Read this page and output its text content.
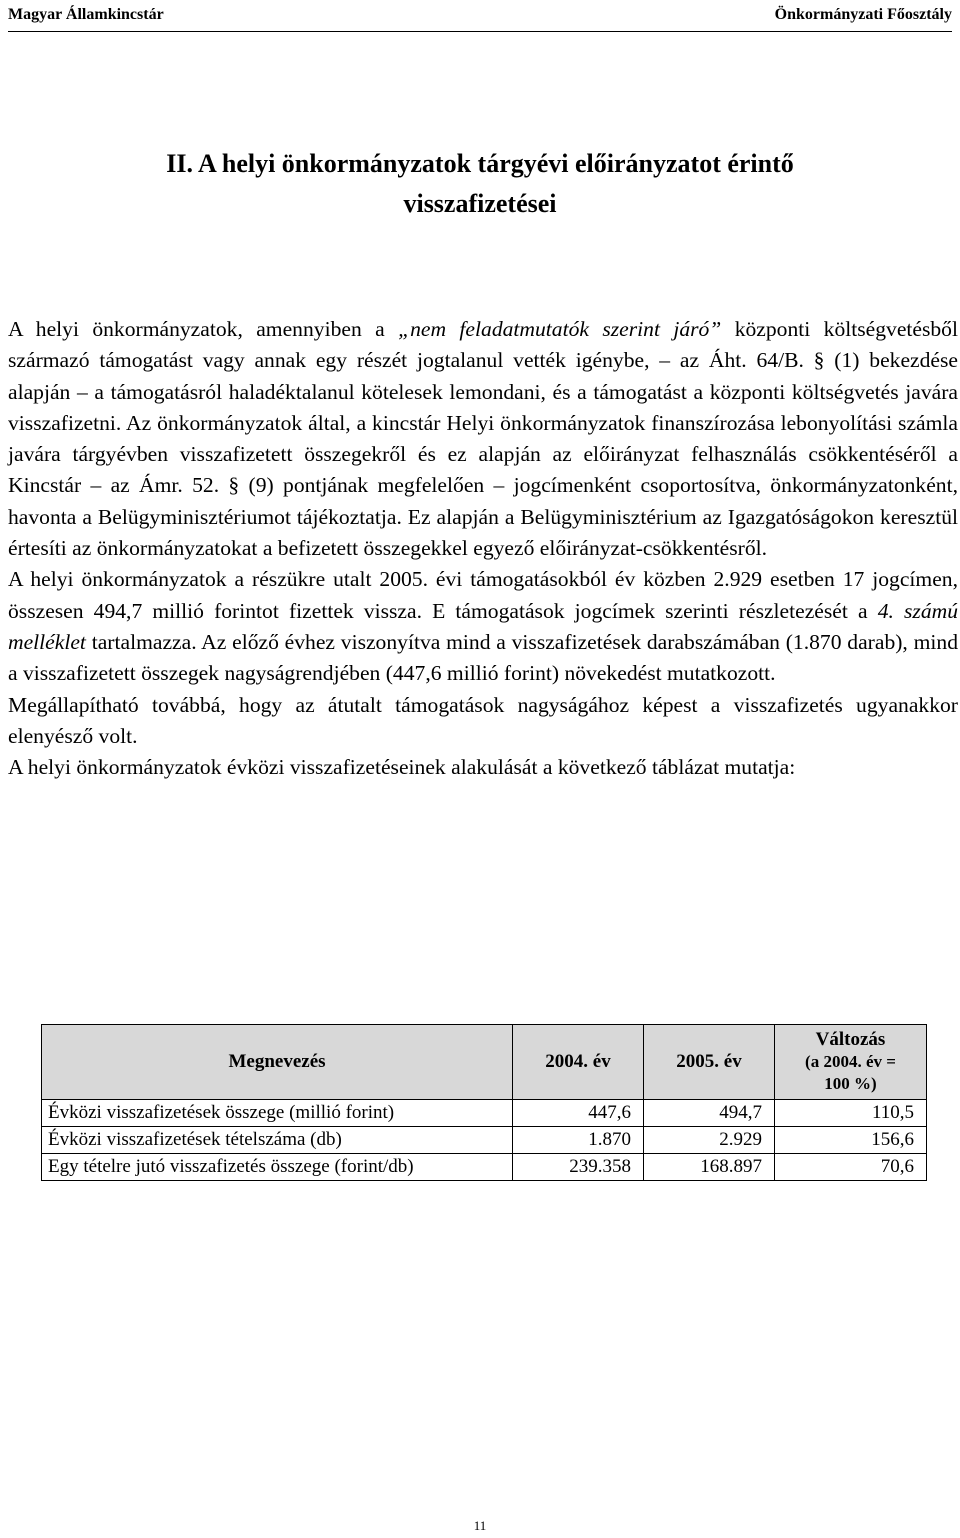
Magyar Államkincstár	Önkormányzati Főosztály
II. A helyi önkormányzatok tárgyévi előirányzatot érintő
visszafizetései

A helyi önkormányzatok, amennyiben a „nem feladatmutatók szerint járó” központi költségvetésből származó támogatást vagy annak egy részét jogtalanul vették igénybe, – az Áht. 64/B. § (1) bekezdése alapján – a támogatásról haladéktalanul kötelesek lemondani, és a támogatást a központi költségvetés javára visszafizetni. Az önkormányzatok által, a kincstár Helyi önkormányzatok finanszírozása lebonyolítási számla javára tárgyévben visszafizetett összegekről és ez alapján az előirányzat felhasználás csökkentéséről a Kincstár – az Ámr. 52. § (9) pontjának megfelelően – jogcímenként csoportosítva, önkormányzatonként, havonta a Belügyminisztériumot tájékoztatja. Ez alapján a Belügyminisztérium az Igazgatóságokon keresztül értesíti az önkormányzatokat a befizetett összegekkel egyező előirányzat-csökkentésről.

A helyi önkormányzatok a részükre utalt 2005. évi támogatásokból év közben 2.929 esetben 17 jogcímen, összesen 494,7 millió forintot fizettek vissza. E támogatások jogcímek szerinti részletezését a 4. számú melléklet tartalmazza. Az előző évhez viszonyítva mind a visszafizetések darabszámában (1.870 darab), mind a visszafizetett összegek nagyságrendjében (447,6 millió forint) növekedést mutatkozott.

Megállapítható továbbá, hogy az átutalt támogatások nagyságához képest a visszafizetés ugyanakkor elenyésző volt.

A helyi önkormányzatok évközi visszafizetéseinek alakulását a következő táblázat mutatja:

Megnevezés	2004. év	2005. év	Változás
(a 2004. év =
100 %)
Évközi visszafizetések összege (millió forint)	447,6	494,7	110,5
Évközi visszafizetések tételszáma (db)	1.870	2.929	156,6
Egy tételre jutó visszafizetés összege (forint/db)	239.358	168.897	70,6
11
